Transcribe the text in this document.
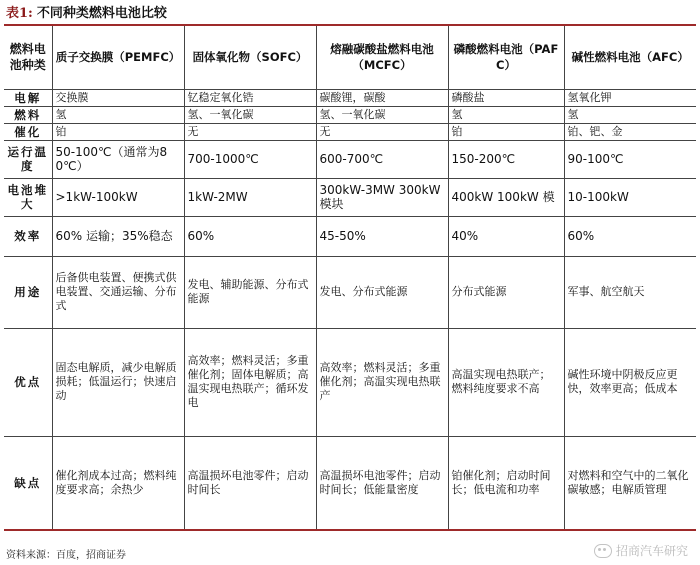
表1: 不同种类燃料电池比较
燃料电池种类	质子交换膜（PEMFC）	固体氧化物（SOFC）	熔融碳酸盐燃料电池（MCFC）	磷酸燃料电池（PAFC）	碱性燃料电池（AFC）
电解	交换膜	钇稳定氧化锆	碳酸锂，碳酸	磷酸盐	氢氧化钾
燃料	氢	氢、一氧化碳	氢、一氧化碳	氢	氢
催化	铂	无	无	铂	铂、钯、金
运行温度	50-100℃（通常为80℃）	700-1000℃	600-700℃	150-200℃	90-100℃
电池堆大	>1kW-100kW	1kW-2MW	300kW-3MW 300kW 模块	400kW 100kW 模	10-100kW
效率	60% 运输；35%稳态	60%	45-50%	40%	60%
用途	后备供电装置、便携式供电装置、交通运输、分布式	发电、辅助能源、分布式能源	发电、分布式能源	分布式能源	军事、航空航天
优点	固态电解质，减少电解质损耗；低温运行；快速启动	高效率；燃料灵活；多重催化剂；固体电解质；高温实现电热联产；循环发电	高效率；燃料灵活；多重催化剂；高温实现电热联产	高温实现电热联产；燃料纯度要求不高	碱性环境中阴极反应更快，效率更高；低成本
缺点	催化剂成本过高；燃料纯度要求高；余热少	高温损坏电池零件；启动时间长	高温损坏电池零件；启动时间长；低能量密度	铂催化剂；启动时间长；低电流和功率	对燃料和空气中的二氧化碳敏感；电解质管理
资料来源：百度，招商证券	招商汽车研究
